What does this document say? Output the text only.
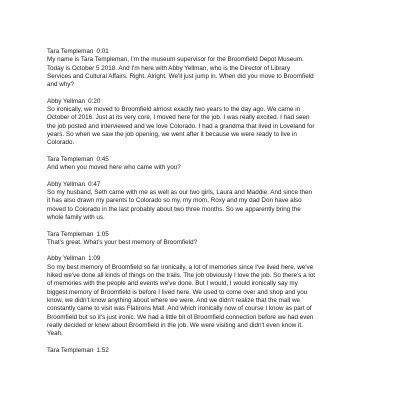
Tara Templeman 0:01
My name is Tara Templeman, I'm the museum supervisor for the Broomfield Depot Museum.
Today is October 5 2018. And I'm here with Abby Yellman, who is the Director of Library
Services and Cultural Affairs. Right. Alright. We'll just jump in. When did you move to Broomfield
and why?
Abby Yellman 0:20
So ironically, we moved to Broomfield almost exactly two years to the day ago. We came in
October of 2016. Just at its very core, I moved here for the job. I was really excited. I had seen
the job posted and interviewed and we love Colorado. I had a grandma that lived in Loveland for
years. So when we saw the job opening, we went after it because we were ready to live in
Colorado.
Tara Templeman 0:45
And when you moved here who came with you?
Abby Yellman 0:47
So my husband, Seth came with me as well as our two girls, Laura and Maddie. And since then
it has also drawn my parents to Colorado so my, my mom, Roxy and my dad Don have also
moved to Colorado in the last probably about two three months. So we apparently bring the
whole family with us.
Tara Templeman 1:05
That's great. What's your best memory of Broomfield?
Abby Yellman 1:09
So my best memory of Broomfield so far ironically, a lot of memories since I've lived here, we've
hiked we've done all kinds of things on the trails. The job obviously I love the job. So there's a lot
of memories with the people and events we've done. But I would, I would ironically say my
biggest memory of Broomfield is before I lived here. We used to come over and shop and you
know, we didn't know anything about where we were. And we didn't realize that the mall we
constantly came to visit was Flatirons Mall. And which ironically now of course I know as part of
Broomfield but so it's just ironic. We had a little bit of Broomfield connection before we had even
really decided or knew about Broomfield in the job. We were visiting and didn't even know it.
Yeah.
Tara Templeman 1:52
